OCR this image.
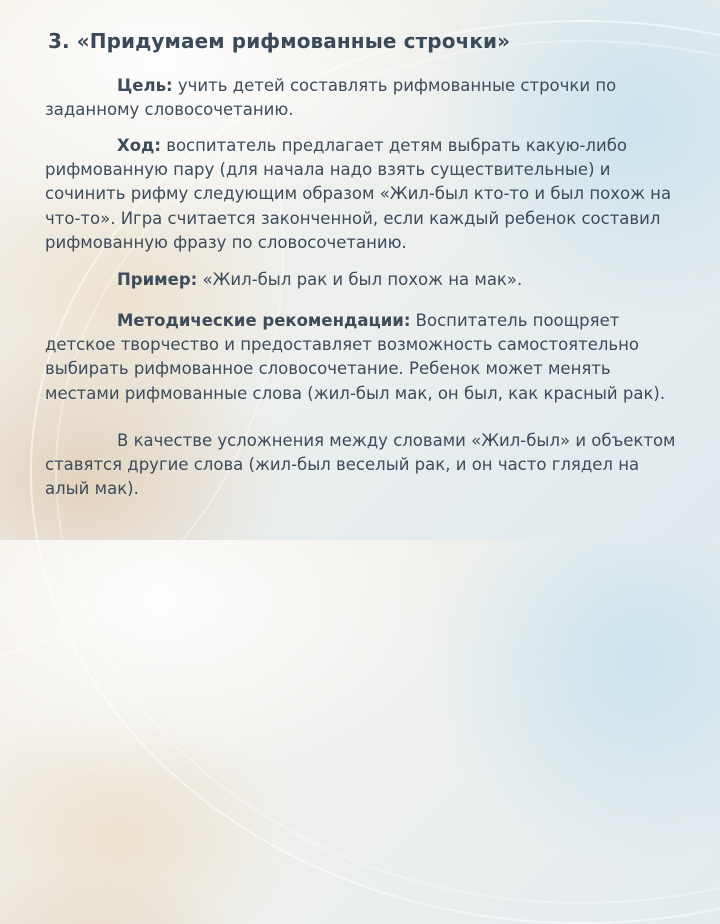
3. «Придумаем рифмованные строчки»

Цель: учить детей составлять рифмованные строчки по заданному словосочетанию.

Ход: воспитатель предлагает детям выбрать какую-либо рифмованную пару (для начала надо взять существительные) и сочинить рифму следующим образом «Жил-был кто-то и был похож на что-то». Игра считается законченной, если каждый ребенок составил рифмованную фразу по словосочетанию.

Пример: «Жил-был рак и был похож на мак».

Методические рекомендации: Воспитатель поощряет детское творчество и предоставляет возможность самостоятельно выбирать рифмованное словосочетание. Ребенок может менять местами рифмованные слова (жил-был мак, он был, как красный рак).

В качестве усложнения между словами «Жил-был» и объектом ставятся другие слова (жил-был веселый рак, и он часто глядел на алый мак).
